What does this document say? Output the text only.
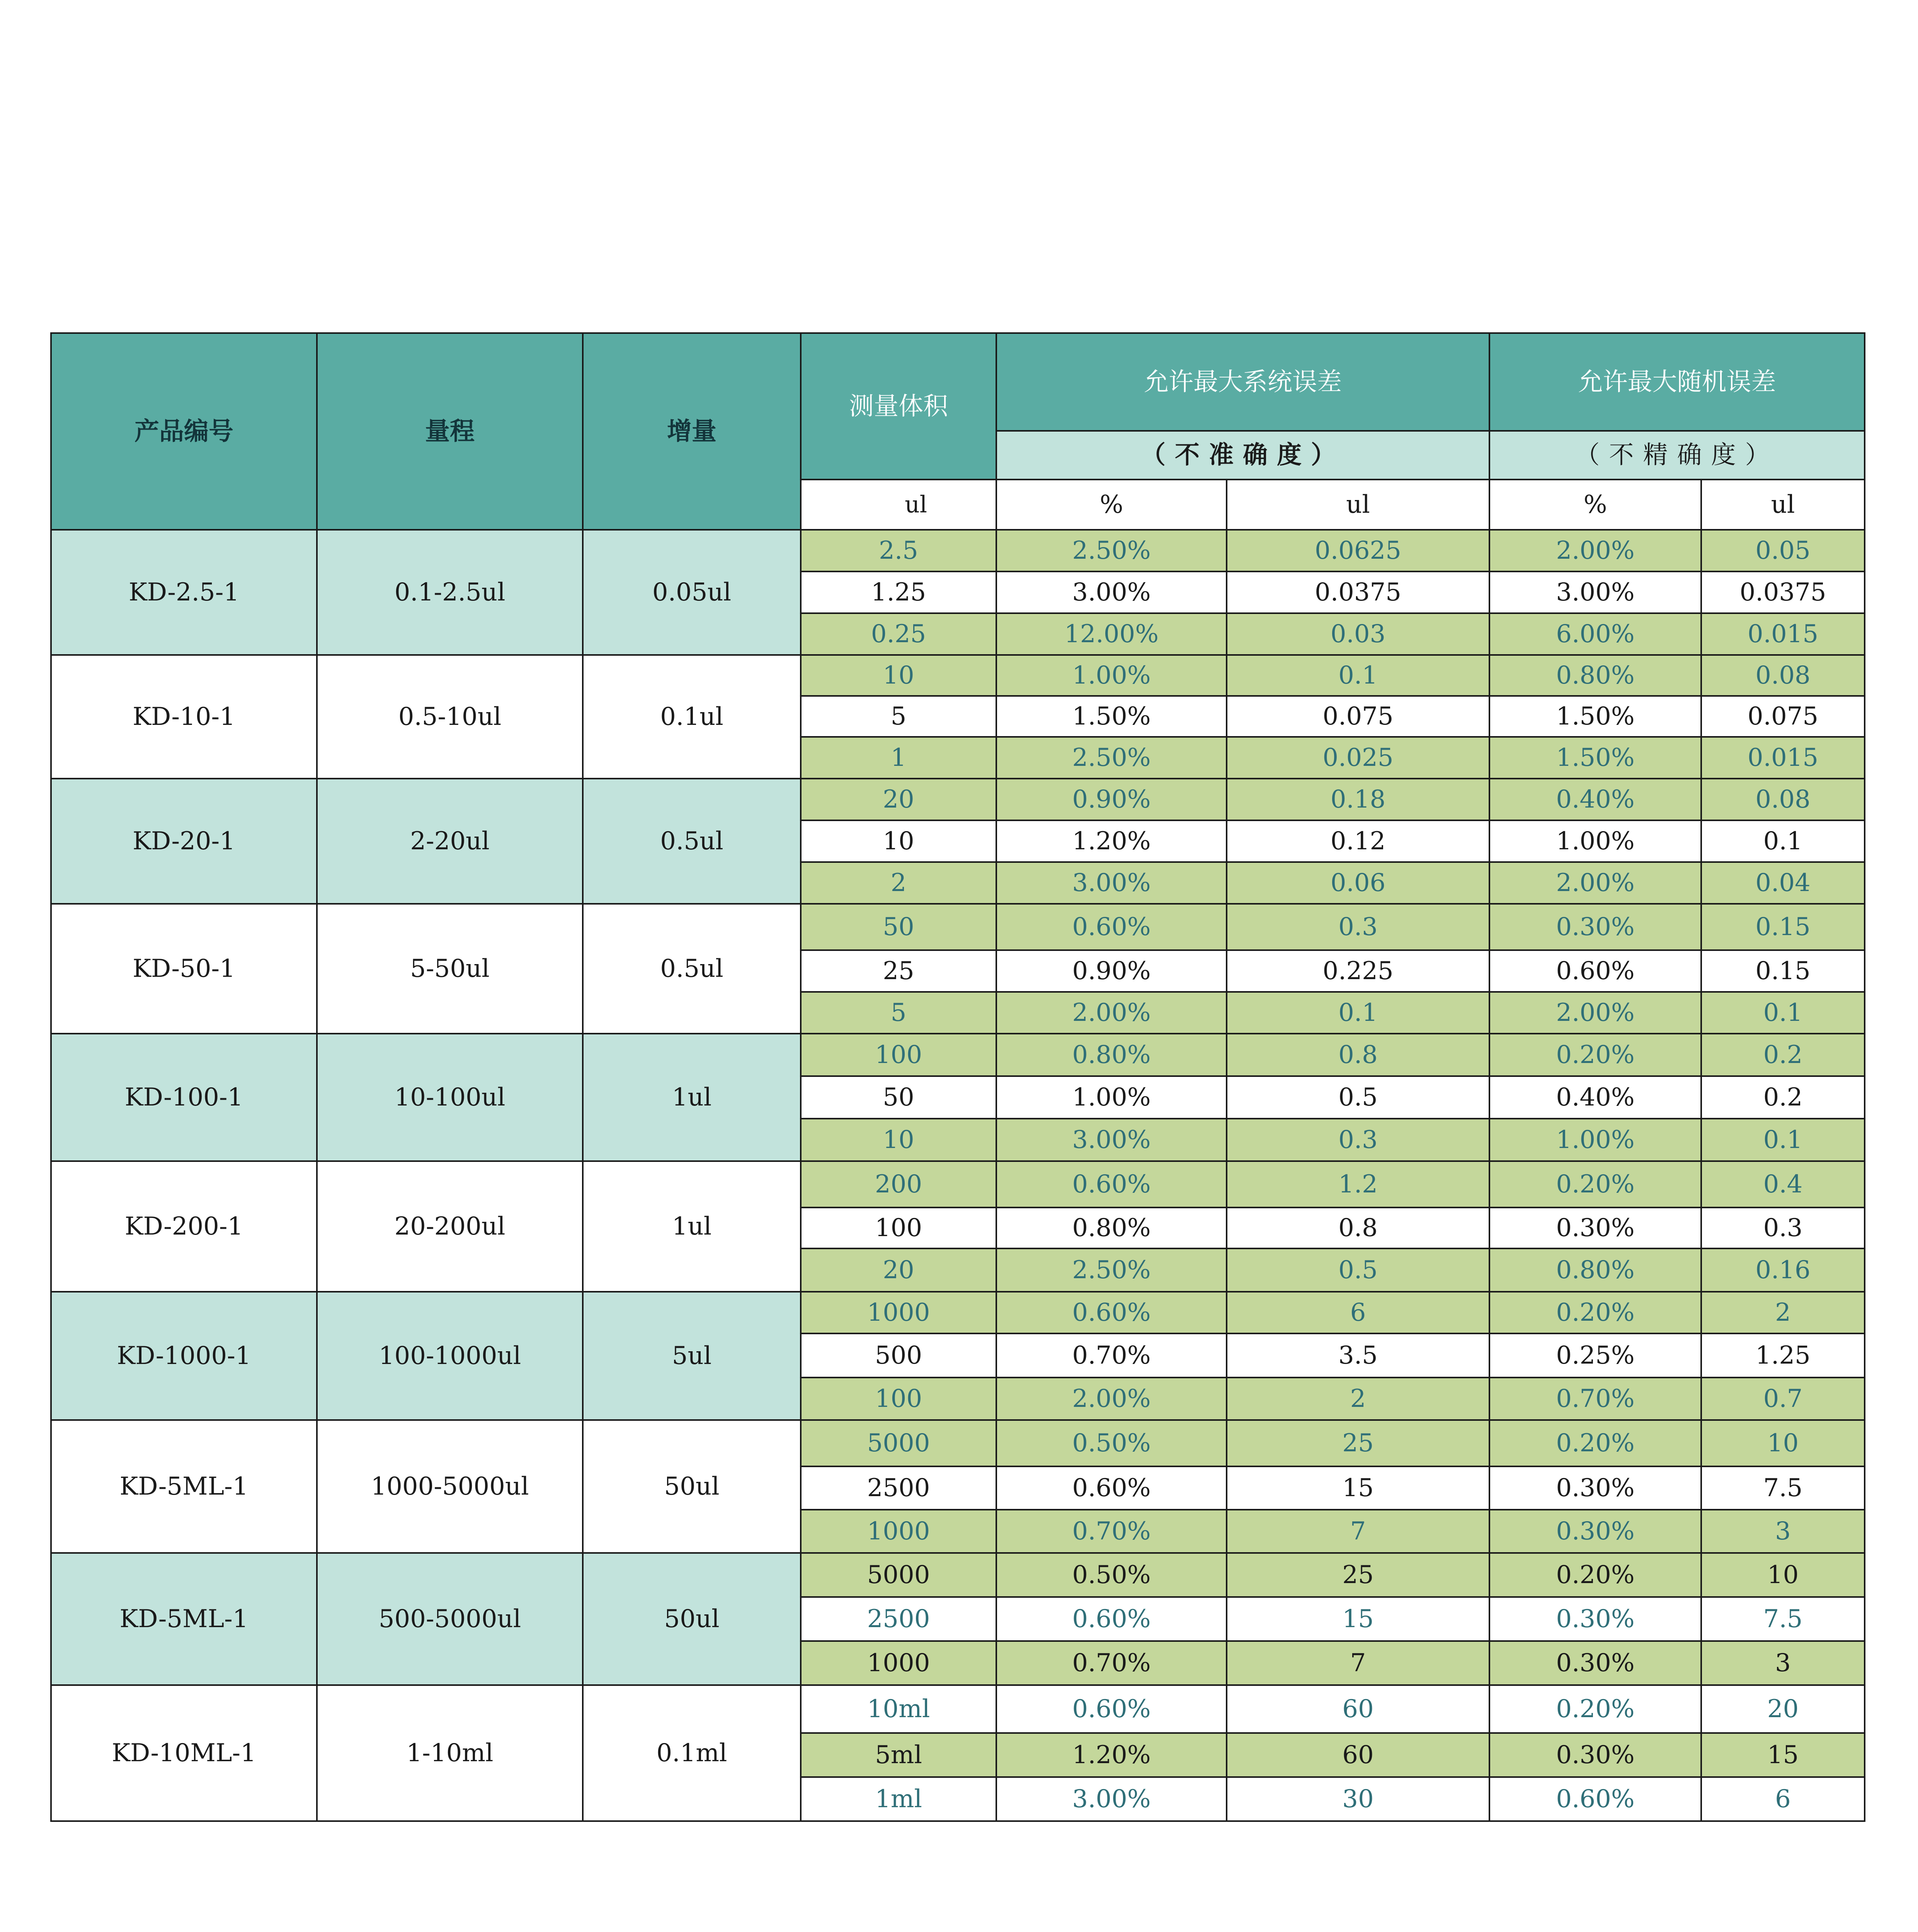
产品编号	量程	增量	测量体积	允许最大系统误差		允许最大随机误差	
				（不准确度）		（不精确度）	
			ul	%	ul	%	ul
KD-2.5-1	0.1-2.5ul	0.05ul	2.5	2.50%	0.0625	2.00%	0.05
			1.25	3.00%	0.0375	3.00%	0.0375
			0.25	12.00%	0.03	6.00%	0.015
KD-10-1	0.5-10ul	0.1ul	10	1.00%	0.1	0.80%	0.08
			5	1.50%	0.075	1.50%	0.075
			1	2.50%	0.025	1.50%	0.015
KD-20-1	2-20ul	0.5ul	20	0.90%	0.18	0.40%	0.08
			10	1.20%	0.12	1.00%	0.1
			2	3.00%	0.06	2.00%	0.04
KD-50-1	5-50ul	0.5ul	50	0.60%	0.3	0.30%	0.15
			25	0.90%	0.225	0.60%	0.15
			5	2.00%	0.1	2.00%	0.1
KD-100-1	10-100ul	1ul	100	0.80%	0.8	0.20%	0.2
			50	1.00%	0.5	0.40%	0.2
			10	3.00%	0.3	1.00%	0.1
KD-200-1	20-200ul	1ul	200	0.60%	1.2	0.20%	0.4
			100	0.80%	0.8	0.30%	0.3
			20	2.50%	0.5	0.80%	0.16
KD-1000-1	100-1000ul	5ul	1000	0.60%	6	0.20%	2
			500	0.70%	3.5	0.25%	1.25
			100	2.00%	2	0.70%	0.7
KD-5ML-1	1000-5000ul	50ul	5000	0.50%	25	0.20%	10
			2500	0.60%	15	0.30%	7.5
			1000	0.70%	7	0.30%	3
KD-5ML-1	500-5000ul	50ul	5000	0.50%	25	0.20%	10
			2500	0.60%	15	0.30%	7.5
			1000	0.70%	7	0.30%	3
KD-10ML-1	1-10ml	0.1ml	10ml	0.60%	60	0.20%	20
			5ml	1.20%	60	0.30%	15
			1ml	3.00%	30	0.60%	6
